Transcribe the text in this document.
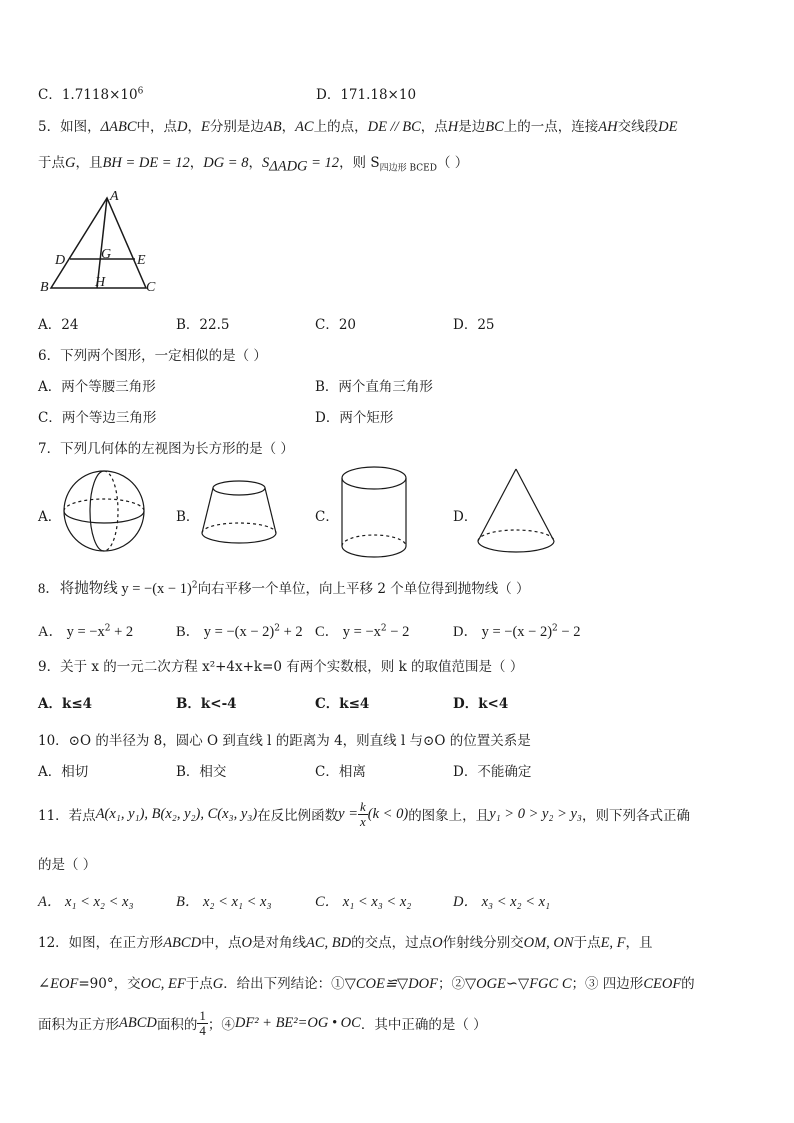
C．$1.7118\times 10^6$	D．171.18×10
5．如图，ΔABC中，点D，E分别是边AB，AC上的点，DE // BC，点H是边BC上的一点，连接AH交线段DE
于点G，且BH = DE = 12，DG = 8，$S_{\Delta ADG} = 12$，则 $S_{四边形 BCED}$（ ）
A
D	G E
B	H	C
A．24	B．22.5	C．20	D．25
6．下列两个图形，一定相似的是（ ）
A．两个等腰三角形	B．两个直角三角形
C．两个等边三角形	D．两个矩形
7．下列几何体的左视图为长方形的是（ ）
A．	B．	C．	D．
8．将抛物线 $y = -(x - 1)^2$向右平移一个单位，向上平移 2 个单位得到抛物线（ ）
A． $y = -x^2 + 2$	B． $y = -(x - 2)^2 + 2$ C． $y = -x^2 - 2$	D． $y = -(x - 2)^2 - 2$
9．关于 x 的一元二次方程 x²+4x+k=0 有两个实数根，则 k 的取值范围是（ ）
A．k≤4	B．k<-4	C．k≤4	D．k<4
10．⊙O 的半径为 8，圆心 O 到直线 l 的距离为 4，则直线 l 与⊙O 的位置关系是
A．相切	B．相交	C．相离	D．不能确定
11．若点 A(x₁, y₁), B(x₂, y₂), C(x₃, y₃) 在反比例函数 $y = \frac{k}{x} (k < 0)$ 的图象上，且 y₁ > 0 > y₂ > y₃ ，则下列各式正确
的是（ ）
A． x₁ < x₂ < x₃	B． x₂ < x₁ < x₃	C． x₁ < x₃ < x₂	D． x₃ < x₂ < x₁
12．如图，在正方形ABCD中，点O是对角线AC, BD的交点，过点O作射线分别交OM, ON于点E, F，且
∠EOF=90°，交OC, EF于点G．给出下列结论：①▽COE≌▽DOF；②▽OGE∽▽FGC C；③ 四边形CEOF的
面积为正方形 ABCD 面积的 $\frac{1}{4}$ ；④ DF² + BE²=OG • OC ．其中正确的是（ ）
